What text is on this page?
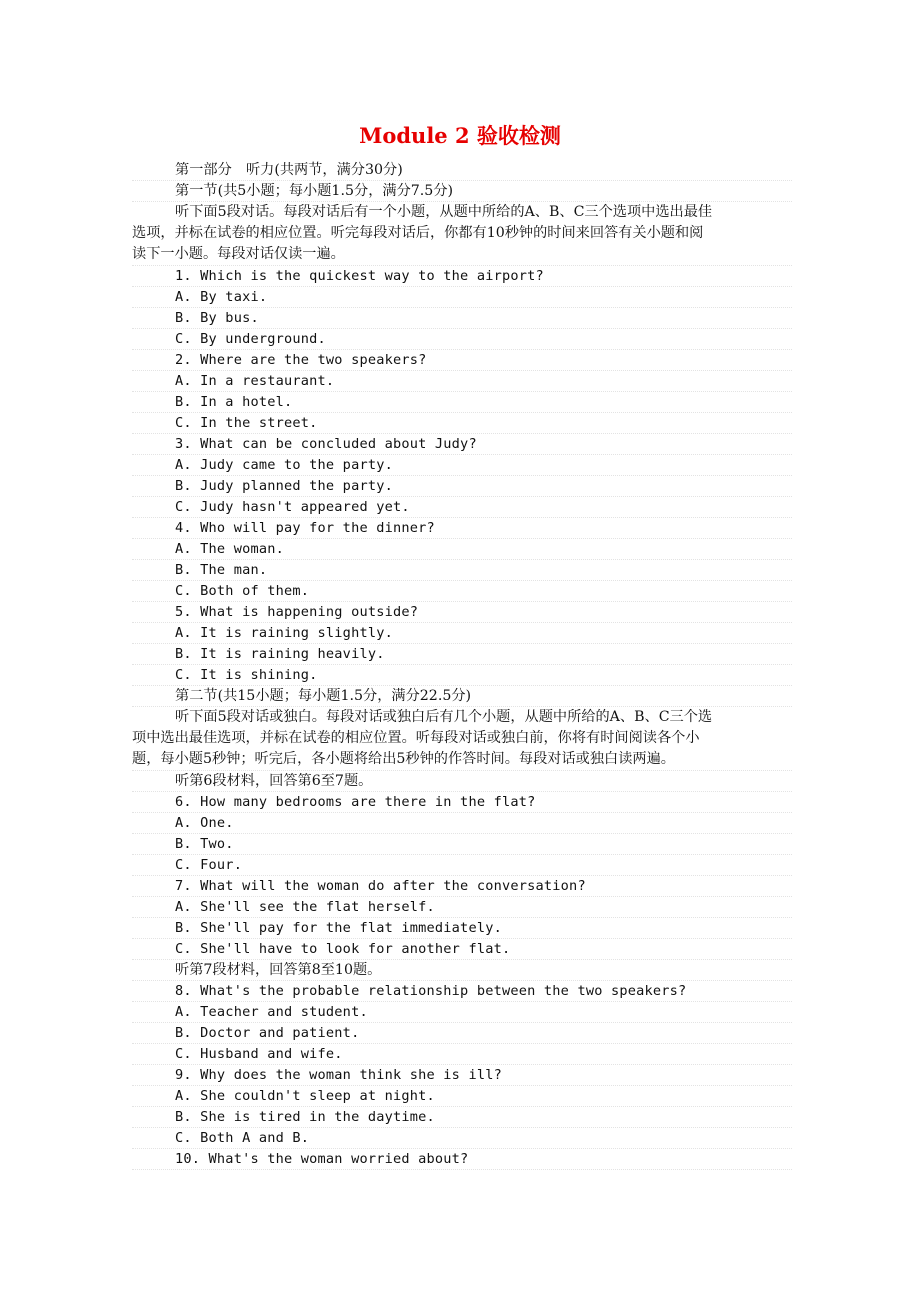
Module 2 验收检测
第一部分　听力(共两节，满分30分)
第一节(共5小题；每小题1.5分，满分7.5分)
听下面5段对话。每段对话后有一个小题，从题中所给的A、B、C三个选项中选出最佳
选项，并标在试卷的相应位置。听完每段对话后，你都有10秒钟的时间来回答有关小题和阅
读下一小题。每段对话仅读一遍。
1. Which is the quickest way to the airport?
A. By taxi.
B. By bus.
C. By underground.
2. Where are the two speakers?
A. In a restaurant.
B. In a hotel.
C. In the street.
3. What can be concluded about Judy?
A. Judy came to the party.
B. Judy planned the party.
C. Judy hasn't appeared yet.
4. Who will pay for the dinner?
A. The woman.
B. The man.
C. Both of them.
5. What is happening outside?
A. It is raining slightly.
B. It is raining heavily.
C. It is shining.
第二节(共15小题；每小题1.5分，满分22.5分)
听下面5段对话或独白。每段对话或独白后有几个小题，从题中所给的A、B、C三个选
项中选出最佳选项，并标在试卷的相应位置。听每段对话或独白前，你将有时间阅读各个小
题，每小题5秒钟；听完后，各小题将给出5秒钟的作答时间。每段对话或独白读两遍。
听第6段材料，回答第6至7题。
6. How many bedrooms are there in the flat?
A. One.
B. Two.
C. Four.
7. What will the woman do after the conversation?
A. She'll see the flat herself.
B. She'll pay for the flat immediately.
C. She'll have to look for another flat.
听第7段材料，回答第8至10题。
8. What's the probable relationship between the two speakers?
A. Teacher and student.
B. Doctor and patient.
C. Husband and wife.
9. Why does the woman think she is ill?
A. She couldn't sleep at night.
B. She is tired in the daytime.
C. Both A and B.
10. What's the woman worried about?
